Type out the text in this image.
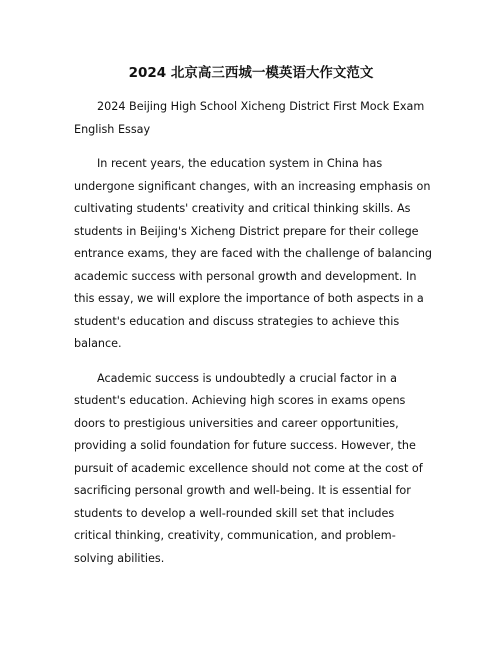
2024 北京高三西城一模英语大作文范文

2024 Beijing High School Xicheng District First Mock Exam English Essay

In recent years, the education system in China has undergone significant changes, with an increasing emphasis on cultivating students' creativity and critical thinking skills. As students in Beijing's Xicheng District prepare for their college entrance exams, they are faced with the challenge of balancing academic success with personal growth and development. In this essay, we will explore the importance of both aspects in a student's education and discuss strategies to achieve this balance.

Academic success is undoubtedly a crucial factor in a student's education. Achieving high scores in exams opens doors to prestigious universities and career opportunities, providing a solid foundation for future success. However, the pursuit of academic excellence should not come at the cost of sacrificing personal growth and well-being. It is essential for students to develop a well-rounded skill set that includes critical thinking, creativity, communication, and problem-solving abilities.
